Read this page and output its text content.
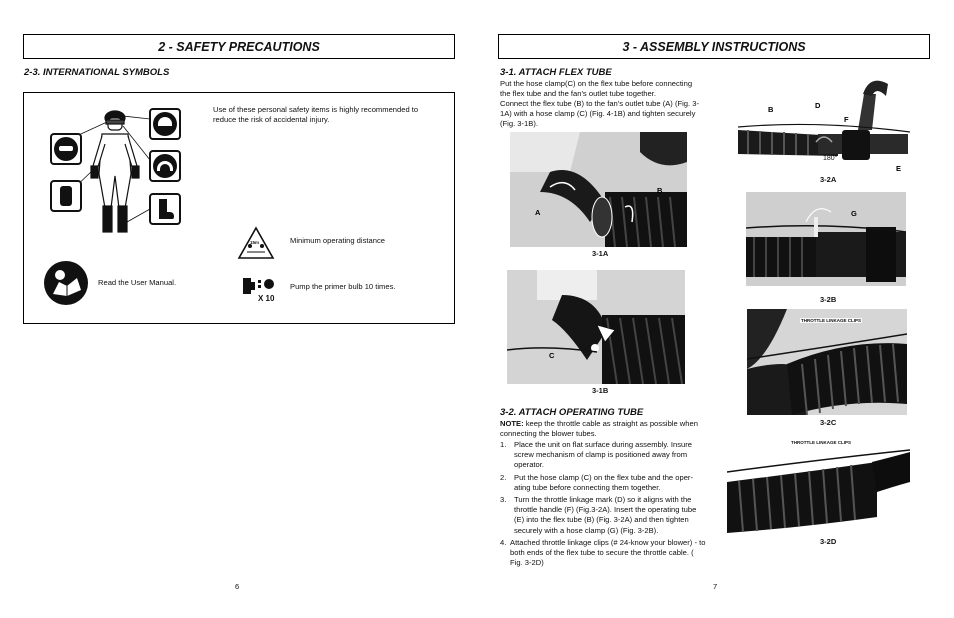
2 - SAFETY PRECAUTIONS
2-3. INTERNATIONAL SYMBOLS
Use of these personal safety items is highly recommended to reduce the risk of accidental injury.
15m	Minimum operating distance
X 10
Pump the primer bulb 10 times.
Read the User Manual.
6
3 - ASSEMBLY INSTRUCTIONS
3-1. ATTACH FLEX TUBE
Put the hose clamp(C) on the flex tube before connecting the flex tube and the fan's outlet tube together.
Connect the flex tube (B) to the fan's outlet tube (A) (Fig. 3-1A) with a hose clamp (C) (Fig. 4-1B) and tighten securely (Fig. 3-1B).
A
B
3-1A
C
3-1B
3-2. ATTACH OPERATING TUBE
NOTE: keep the throttle cable as straight as possible when connecting the blower tubes.
1. Place the unit on flat surface during assembly. Insure screw mechanism of clamp is positioned away from operator.
2. Put the hose clamp (C) on the flex tube and the oper-ating tube before connecting them together.
3. Turn the throttle linkage mark (D) so it aligns with the throttle handle (F) (Fig.3-2A). Insert the operating tube (E) into the flex tube (B) (Fig. 3-2A) and then tighten securely with a hose clamp (G) (Fig. 3-2B).
4. Attached throttle linkage clips (# 24-know your blower) - to both ends of the flex tube to secure the throttle cable. ( Fig. 3-2D)
B	D
F
E
180°
3-2A
G
3-2B
THROTTLE LINKAGE CLIPS
3-2C
THROTTLE LINKAGE CLIPS
3-2D
7
